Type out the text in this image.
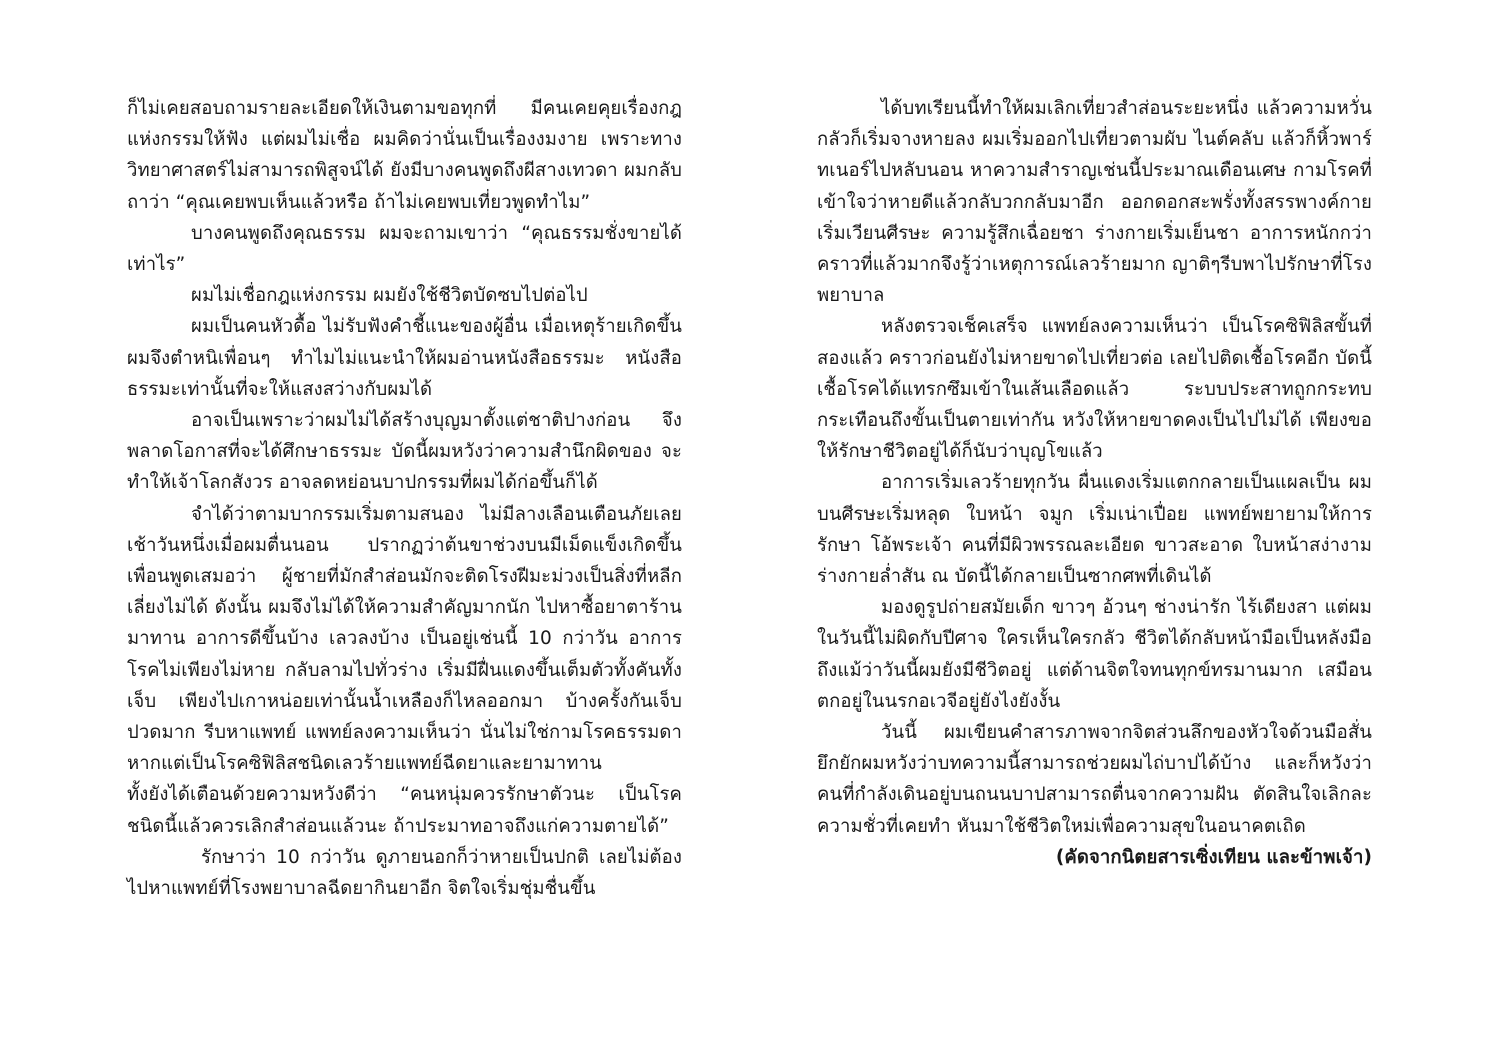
ก็ไม่เคยสอบถามรายละเอียดให้เงินตามขอทุกที่ มีคนเคยคุยเรื่องกฎแห่งกรรมให้ฟัง แต่ผมไม่เชื่อ ผมคิดว่านั่นเป็นเรื่องงมงาย เพราะทางวิทยาศาสตร์ไม่สามารถพิสูจน์ได้ ยังมีบางคนพูดถึงผีสางเทวดา ผมกลับถาว่า “คุณเคยพบเห็นแล้วหรือ ถ้าไม่เคยพบเที่ยวพูดทำไม”

บางคนพูดถึงคุณธรรม ผมจะถามเขาว่า “คุณธรรมชั่งขายได้เท่าไร”

ผมไม่เชื่อกฎแห่งกรรม ผมยังใช้ชีวิตบัดซบไปต่อไป

ผมเป็นคนหัวดื้อ ไม่รับฟังคำชี้แนะของผู้อื่น เมื่อเหตุร้ายเกิดขึ้น ผมจึงตำหนิเพื่อนๆ ทำไมไม่แนะนำให้ผมอ่านหนังสือธรรมะ หนังสือธรรมะเท่านั้นที่จะให้แสงสว่างกับผมได้

อาจเป็นเพราะว่าผมไม่ได้สร้างบุญมาตั้งแต่ชาติปางก่อน จึงพลาดโอกาสที่จะได้ศึกษาธรรมะ บัดนี้ผมหวังว่าความสำนึกผิดของ จะทำให้เจ้าโลกสังวร อาจลดหย่อนบาปกรรมที่ผมได้ก่อขึ้นก็ได้

จำได้ว่าตามบากรรมเริ่มตามสนอง ไม่มีลางเลือนเตือนภัยเลย เช้าวันหนึ่งเมื่อผมตื่นนอน ปรากฏว่าต้นขาช่วงบนมีเม็ดแข็งเกิดขึ้น เพื่อนพูดเสมอว่า ผู้ชายที่มักสำส่อนมักจะติดโรงฝีมะม่วงเป็นสิ่งที่หลีกเลี่ยงไม่ได้ ดังนั้น ผมจึงไม่ได้ให้ความสำคัญมากนัก ไปหาซื้อยาตาร้านมาทาน อาการดีขึ้นบ้าง เลวลงบ้าง เป็นอยู่เช่นนี้ 10 กว่าวัน อาการโรคไม่เพียงไม่หาย กลับลามไปทั่วร่าง เริ่มมีฝื่นแดงขึ้นเต็มตัวทั้งคันทั้งเจ็บ เพียงไปเกาหน่อยเท่านั้นน้ำเหลืองก็ไหลออกมา บ้างครั้งกันเจ็บปวดมาก รีบหาแพทย์ แพทย์ลงความเห็นว่า นั่นไม่ใช่กามโรคธรรมดา หากแต่เป็นโรคซิฟิลิสชนิดเลวร้ายแพทย์ฉีดยาและยามาทาน

ทั้งยังได้เตือนด้วยความหวังดีว่า “คนหนุ่มควรรักษาตัวนะ เป็นโรคชนิดนี้แล้วควรเลิกสำส่อนแล้วนะ ถ้าประมาทอาจถึงแก่ความตายได้”

รักษาว่า 10 กว่าวัน ดูภายนอกก็ว่าหายเป็นปกติ เลยไม่ต้องไปหาแพทย์ที่โรงพยาบาลฉีดยากินยาอีก จิตใจเริ่มชุ่มชื่นขึ้น

ได้บทเรียนนี้ทำให้ผมเลิกเที่ยวสำส่อนระยะหนึ่ง แล้วความหวั่นกลัวก็เริ่มจางหายลง ผมเริ่มออกไปเที่ยวตามผับ ไนต์คลับ แล้วก็หิ้วพาร์ทเนอร์ไปหลับนอน หาความสำราญเช่นนี้ประมาณเดือนเศษ กามโรคที่เข้าใจว่าหายดีแล้วกลับวกกลับมาอีก ออกดอกสะพรั่งทั้งสรรพางค์กาย เริ่มเวียนศีรษะ ความรู้สึกเฉื่อยชา ร่างกายเริ่มเย็นชา อาการหนักกว่าคราวที่แล้วมากจึงรู้ว่าเหตุการณ์เลวร้ายมาก ญาติๆรีบพาไปรักษาที่โรงพยาบาล

หลังตรวจเช็คเสร็จ แพทย์ลงความเห็นว่า เป็นโรคซิฟิลิสขั้นที่สองแล้ว คราวก่อนยังไม่หายขาดไปเที่ยวต่อ เลยไปติดเชื้อโรคอีก บัดนี้ เชื้อโรคได้แทรกซึมเข้าในเส้นเลือดแล้ว ระบบประสาทถูกกระทบกระเทือนถึงขั้นเป็นตายเท่ากัน หวังให้หายขาดคงเป็นไปไม่ได้ เพียงขอให้รักษาชีวิตอยู่ได้ก็นับว่าบุญโขแล้ว

อาการเริ่มเลวร้ายทุกวัน ผื่นแดงเริ่มแตกกลายเป็นแผลเป็น ผมบนศีรษะเริ่มหลุด ใบหน้า จมูก เริ่มเน่าเปื่อย แพทย์พยายามให้การรักษา โอ้พระเจ้า คนที่มีผิวพรรณละเอียด ขาวสะอาด ใบหน้าสง่างาม ร่างกายล่ำสัน ณ บัดนี้ได้กลายเป็นซากศพที่เดินได้

มองดูรูปถ่ายสมัยเด็ก ขาวๆ อ้วนๆ ช่างน่ารัก ไร้เดียงสา แต่ผมในวันนี้ไม่ผิดกับปีศาจ ใครเห็นใครกลัว ชีวิตได้กลับหน้ามือเป็นหลังมือ ถึงแม้ว่าวันนี้ผมยังมีชีวิตอยู่ แต่ด้านจิตใจทนทุกข์ทรมานมาก เสมือนตกอยู่ในนรกอเวจีอยู่ยังไงยังงั้น

วันนี้ ผมเขียนคำสารภาพจากจิตส่วนลึกของหัวใจด้วนมือสั่นยึกยักผมหวังว่าบทความนี้สามารถช่วยผมไถ่บาปได้บ้าง และก็หวังว่าคนที่กำลังเดินอยู่บนถนนบาปสามารถตื่นจากความฝัน ตัดสินใจเลิกละ ความชั่วที่เคยทำ หันมาใช้ชีวิตใหม่เพื่อความสุขในอนาคตเถิด

(คัดจากนิตยสารเซิ่งเทียน และข้าพเจ้า)
